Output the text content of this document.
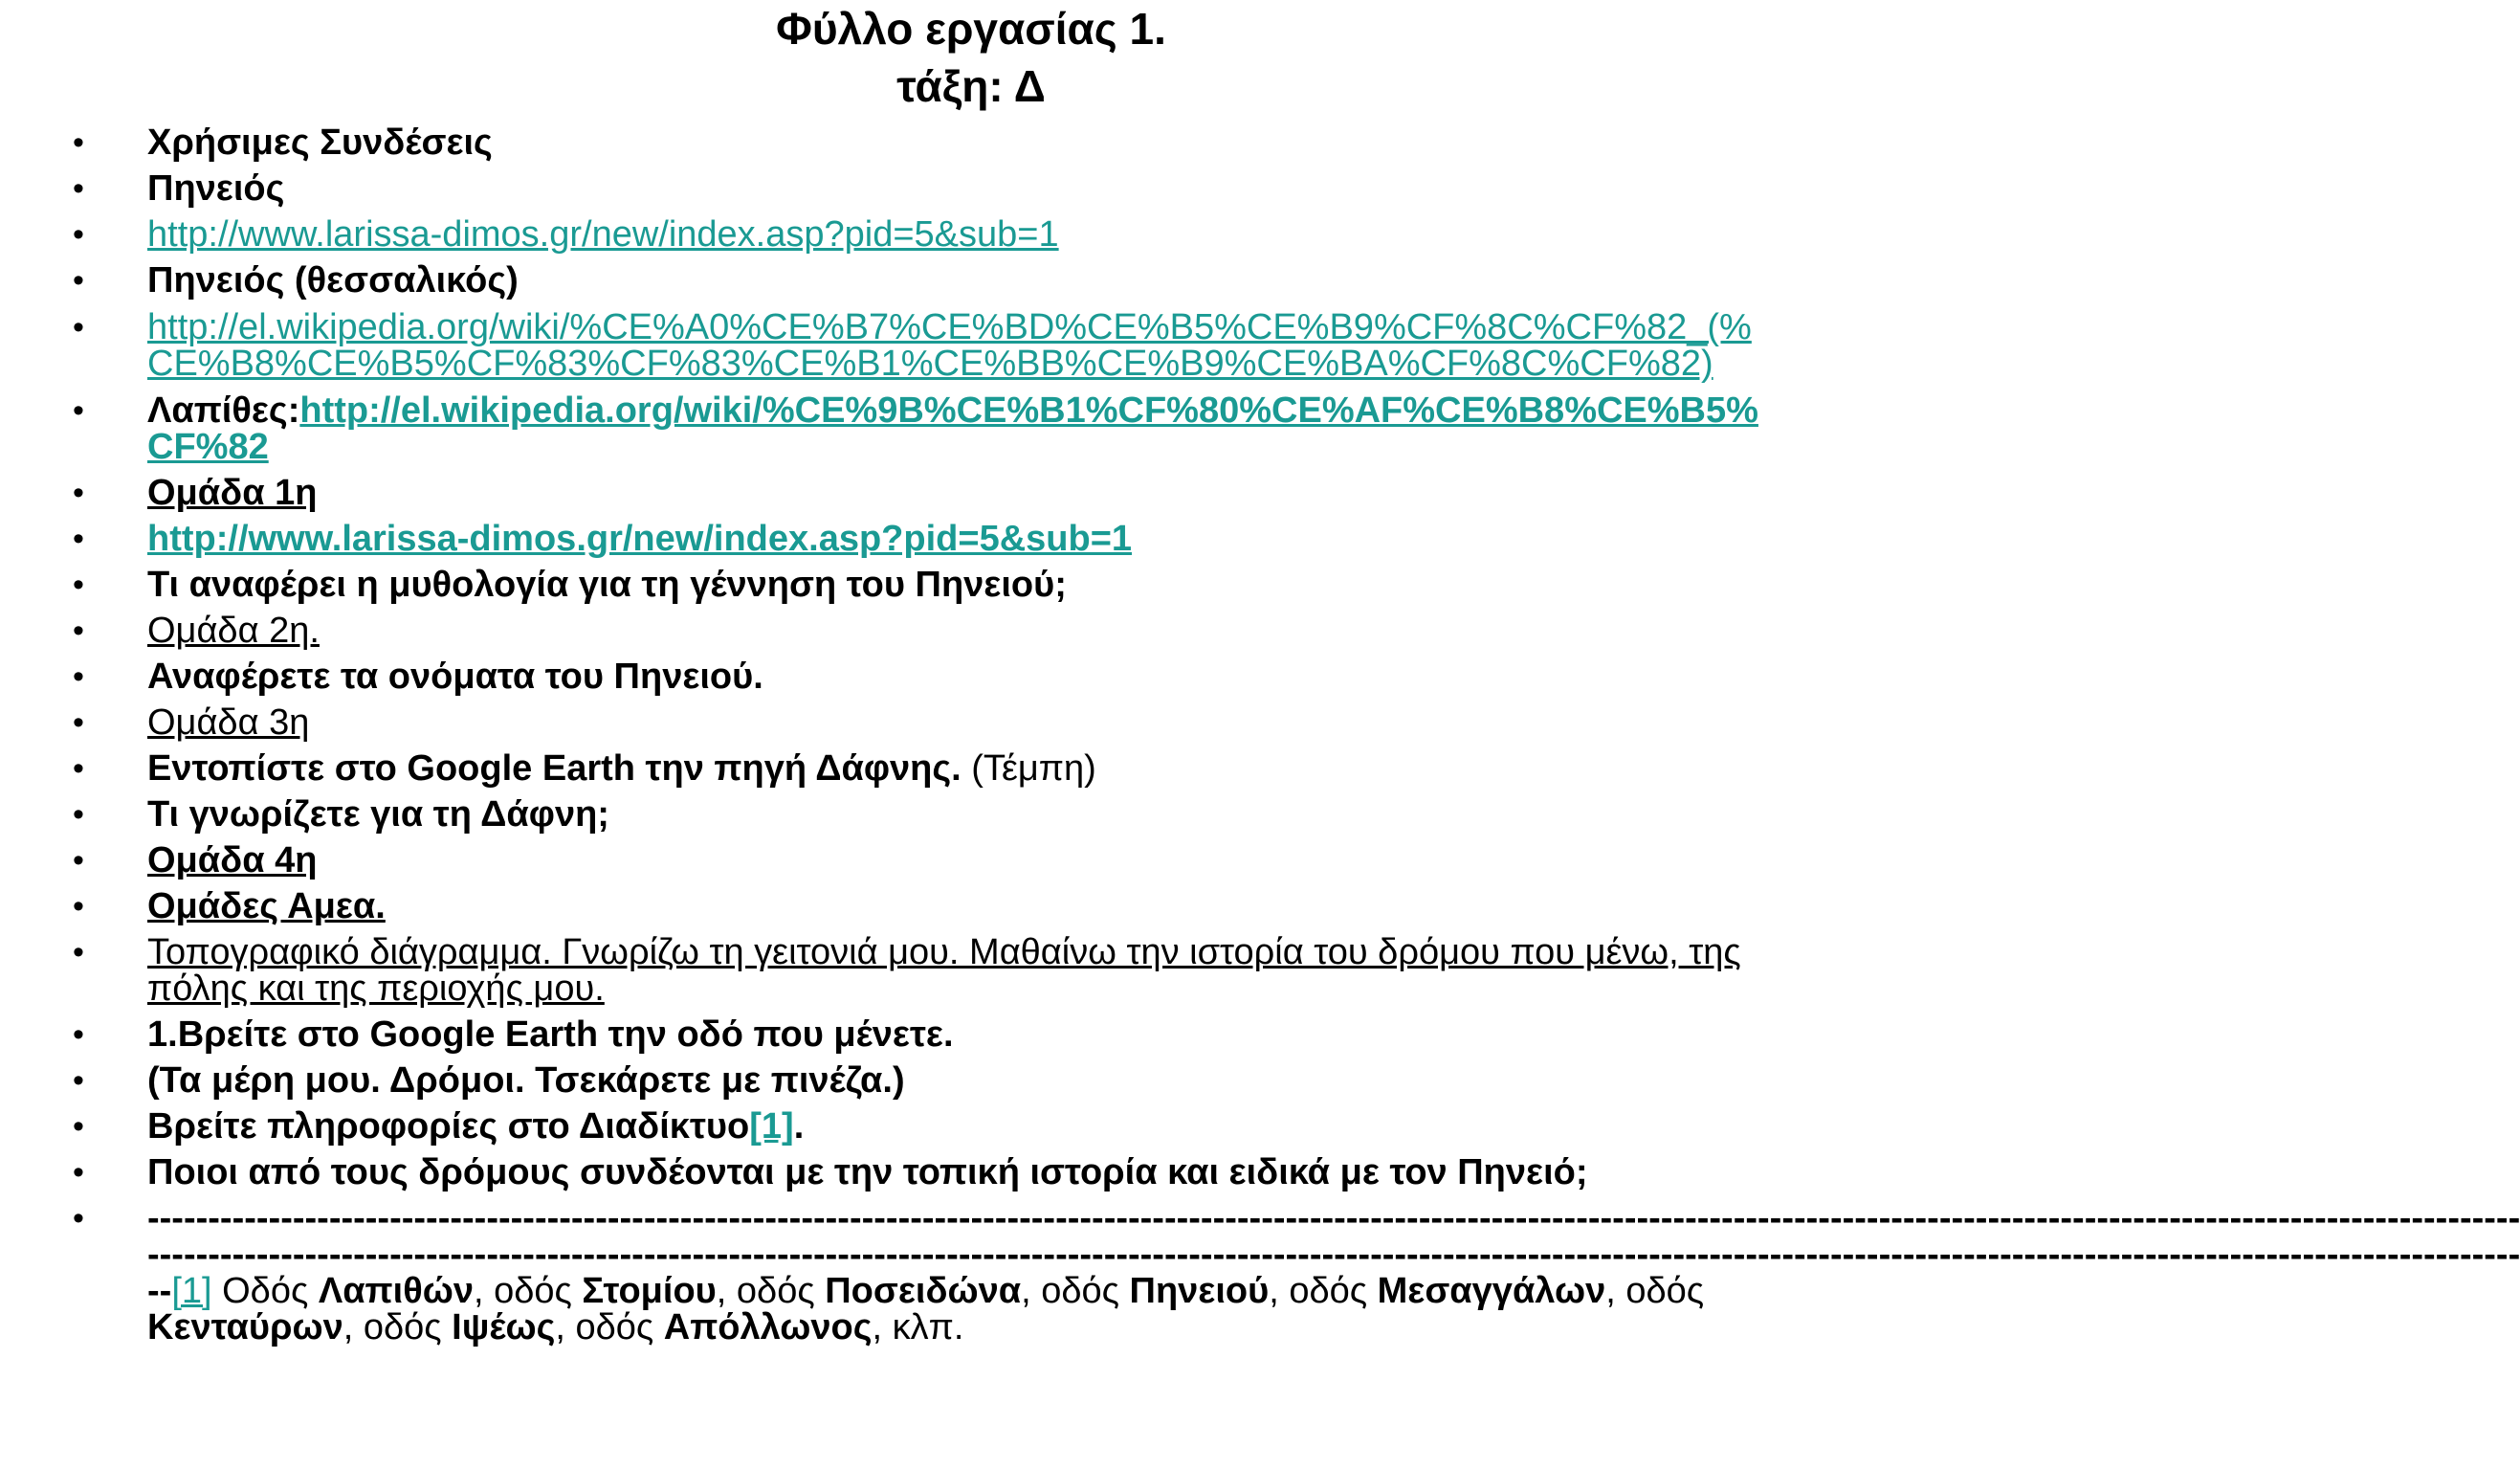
Φύλλο εργασίας 1.
τάξη: Δ
• Χρήσιμες Συνδέσεις
• Πηνειός
• http://www.larissa-dimos.gr/new/index.asp?pid=5&sub=1
• Πηνειός (θεσσαλικός)
• http://el.wikipedia.org/wiki/%CE%A0%CE%B7%CE%BD%CE%B5%CE%B9%CF%8C%CF%82_(%
CE%B8%CE%B5%CF%83%CF%83%CE%B1%CE%BB%CE%B9%CE%BA%CF%8C%CF%82)
• Λαπίθες:http://el.wikipedia.org/wiki/%CE%9B%CE%B1%CF%80%CE%AF%CE%B8%CE%B5%
CF%82
• Ομάδα 1η
• http://www.larissa-dimos.gr/new/index.asp?pid=5&sub=1
• Τι αναφέρει η μυθολογία για τη γέννηση του Πηνειού;
• Ομάδα 2η.
• Αναφέρετε τα ονόματα του Πηνειού.
• Ομάδα 3η
• Εντοπίστε στο Google Earth την πηγή Δάφνης. (Τέμπη)
• Τι γνωρίζετε για τη Δάφνη;
• Ομάδα 4η
• Ομάδες Αμεα.
• Τοπογραφικό διάγραμμα. Γνωρίζω τη γειτονιά μου. Μαθαίνω την ιστορία του δρόμου που μένω, της
πόλης και της περιοχής μου.
• 1.Βρείτε στο Google Earth την οδό που μένετε.
• (Τα μέρη μου. Δρόμοι. Τσεκάρετε με πινέζα.)
• Βρείτε πληροφορίες στο Διαδίκτυο[1].
• Ποιοι από τους δρόμους συνδέονται με την τοπική ιστορία και ειδικά με τον Πηνειό;
• ----------------------------------------------------------------------------------------------------------------------------------------------------------------------------------------------------
----------------------------------------------------------------------------------------------------------------------------------------------------------------------------------------------------
--[1] Οδός Λαπιθών, οδός Στομίου, οδός Ποσειδώνα, οδός Πηνειού, οδός Μεσαγγάλων, οδός
Κενταύρων, οδός Ιψέως, οδός Απόλλωνος, κλπ.
